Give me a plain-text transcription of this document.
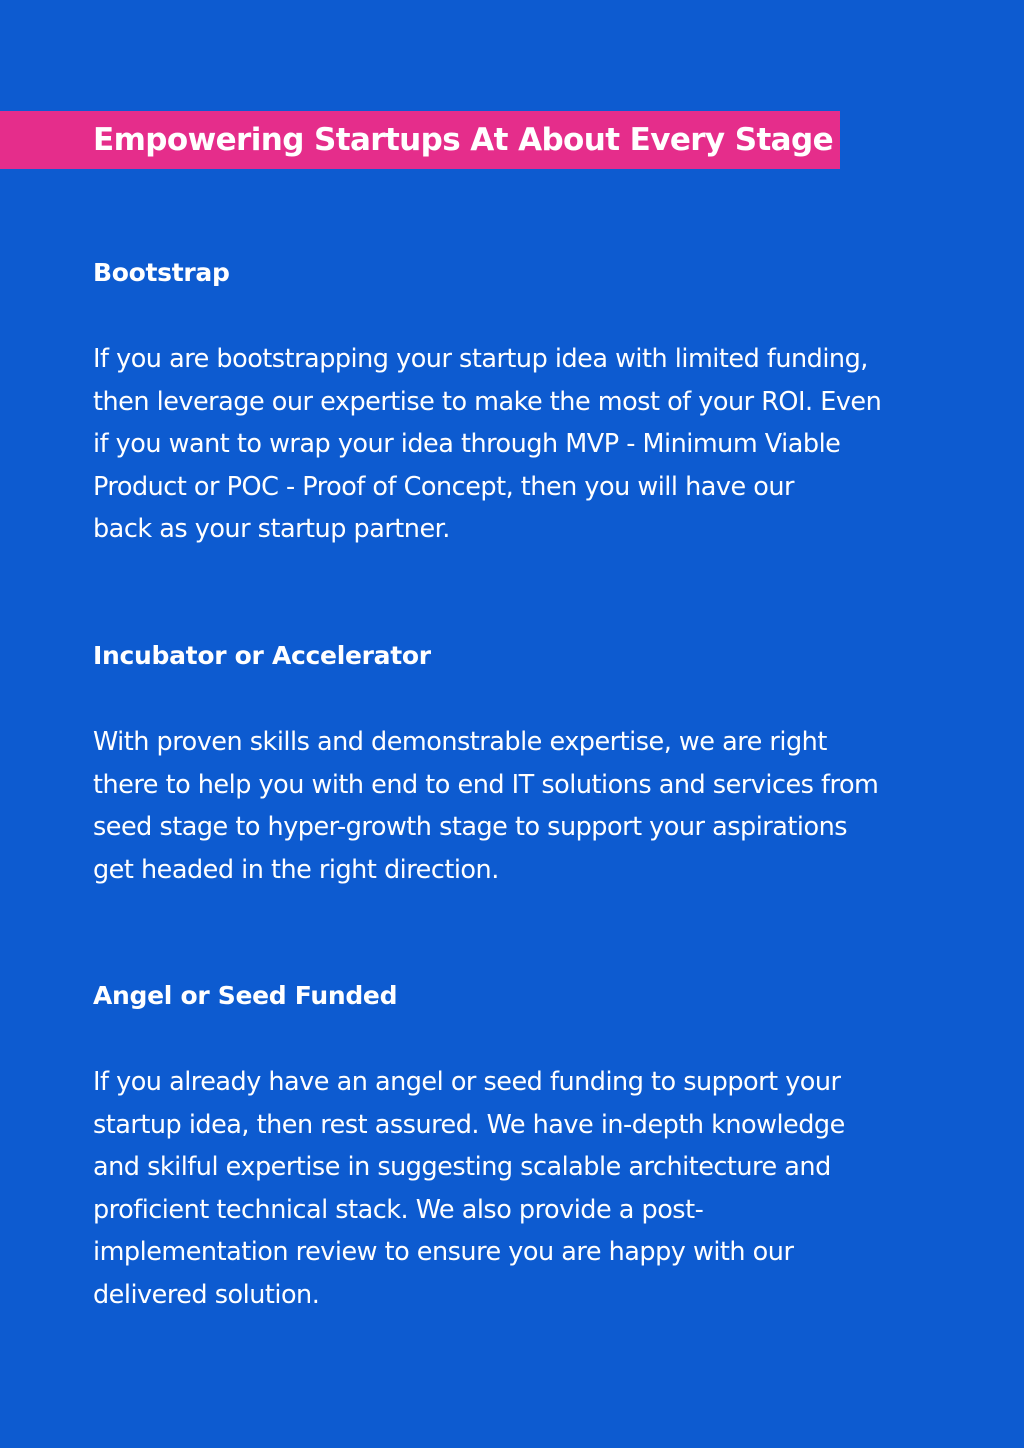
Empowering Startups At About Every Stage
Bootstrap

If you are bootstrapping your startup idea with limited funding,
then leverage our expertise to make the most of your ROI. Even
if you want to wrap your idea through MVP - Minimum Viable
Product or POC - Proof of Concept, then you will have our
back as your startup partner.

Incubator or Accelerator

With proven skills and demonstrable expertise, we are right
there to help you with end to end IT solutions and services from
seed stage to hyper-growth stage to support your aspirations
get headed in the right direction.

Angel or Seed Funded

If you already have an angel or seed funding to support your
startup idea, then rest assured. We have in-depth knowledge
and skilful expertise in suggesting scalable architecture and
proficient technical stack. We also provide a post-
implementation review to ensure you are happy with our
delivered solution.
